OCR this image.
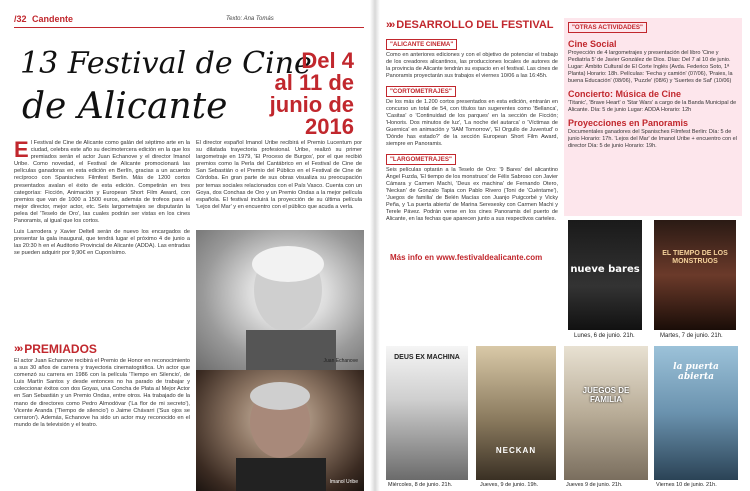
/32 Candente	Texto: Ana Tomás
13 Festival de Cine
de Alicante
Del 4
al 11 de
junio de
2016
E l Festival de Cine de Alicante como galán del séptimo arte en la ciudad, celebra este año su decimotercera edición en la que los premiados serán el actor Juan Echanove y el director Imanol Uribe. Como novedad, el Festival de Alicante promocionará las películas ganadoras en esta edición en Berlín, gracias a un acuerdo recíproco con Spanisches Filmfest Berlin. Más de 1200 cortos presentados avalan el éxito de esta edición. Competirán en tres categorías: Ficción, Animación y European Short Film Award, con premios que van de 1000 a 1500 euros, además de trofeos para el mejor director, mejor actor, etc. Seis largometrajes se disputarán la pelea del 'Teselo de Oro', las cuales podrán ser vistas en los cines Panoramis, al igual que los cortos.

Luis Larrodera y Xavier Deltell serán de nuevo los encargados de presentar la gala inaugural, que tendrá lugar el próximo 4 de junio a las 20:30 h en el Auditorio Provincial de Alicante (ADDA). Las entradas se pueden adquirir por 9,90€ en Cuponísimo.

El director español Imanol Uribe recibirá el Premio Lucentum por su dilatada trayectoria profesional. Uribe, realizó su primer largometraje en 1979, 'El Proceso de Burgos', por el que recibió premios como la Perla del Cantábrico en el Festival de Cine de San Sebastián o el Premio del Público en el Festival de Cine de Córdoba. En gran parte de sus obras visualiza su preocupación por temas sociales relacionados con el País Vasco. Cuenta con un Goya, dos Conchas de Oro y un Premio Ondas a la mejor película española. El festival incluirá la proyección de su última película 'Lejos del Mar' y en encuentro con el público que acuda a verla.

Juan Echanove
Imanol Uribe
»» PREMIADOS

El actor Juan Echanove recibirá el Premio de Honor en reconocimiento a sus 30 años de carrera y trayectoria cinematográfica. Un actor que comenzó su carrera en 1986 con la película 'Tiempo en Silencio', de Luis Martín Santos y desde entonces no ha parado de trabajar y coleccionar éxitos con dos Goyas, una Concha de Plata al Mejor Actor en San Sebastián y un Premio Ondas, entre otros. Ha trabajado de la mano de directores como Pedro Almodóvar ('La flor de mi secreto'), Vicente Aranda ('Tiempo de silencio') o Jaime Chávarri ('Sus ojos se cerraron'). Además, Echanove ha sido un actor muy reconocido en el mundo de la televisión y el teatro.

»» DESARROLLO DEL FESTIVAL
"ALICANTE CINEMA"

Como en anteriores ediciones y con el objetivo de potenciar el trabajo de los creadores alicantinos, las producciones locales de autores de la provincia de Alicante tendrán su espacio en el festival. Las cines de Panoramis proyectarán sus trabajos el viernes 10/06 a las 16:45h.

"CORTOMETRAJES"

De los más de 1.200 cortos presentados en esta edición, entrarán en concurso un total de 54, con títulos tan sugerentes como 'Bellanca', 'Casitas' o 'Continuidad de los parques' en la sección de Ficción; 'Honoris. Dos minutos de luz', 'La noche del autarca' o 'Víctimas de Guernica' en animación y '9AM Tomorrow', 'El Orgullo de Juventud' o 'Dónde has estado?' de la sección European Short Film Award, siempre en Panoramis.

"LARGOMETRAJES"

Seis películas optarán a la Teselo de Oro: '9 Bares' del alicantino Ángel Fuzda, 'El tiempo de los monstruos' de Félix Sabroso con Javier Cámara y Carmen Machi, 'Deus ex machina' de Fernando Otero, 'Neckan' de Gonzalo Tapia con Pablo Rivero (Toni de 'Cuéntame'), 'Juegos de familia' de Belén Macías con Juanjo Puigcorbé y Vicky Peña, y 'La puerta abierta' de Marina Seresesky con Carmen Machi y Terele Pávez. Podrán verse en los cines Panoramis del puerto de Alicante, en las fechas que aparecen junto a sus respectivos carteles.

Más info en www.festivaldealicante.com
"OTRAS ACTIVIDADES"
Cine Social

Proyección de 4 largometrajes y presentación del libro 'Cine y Pediatría 5' de Javier González de Dios. Días: Del 7 al 10 de junio. Lugar: Ámbito Cultural de El Corte Inglés (Avda. Federico Soto, 1ª Planta) Horario: 18h. Películas: 'Fecha y camión' (07/06), 'Praies, la buena Educación' (08/06), 'Puzzle' (08/6) y 'Suertes de Saf' (10/06)

Concierto: Música de Cine

'Titanic', 'Brave Heart' o 'Star Wars' a cargo de la Banda Municipal de Alicante. Día: 5 de junio Lugar: ADDA Horario: 12h

Proyecciones en Panoramis

Documentales ganadores del Spanisches Filmfest Berlin: Día: 5 de junio Horario: 17h. 'Lejos del Mar' de Imanol Uribe + encuentro con el director Día: 5 de junio Horario: 19h.

nueve bares
Lunes, 6 de junio. 21h.
EL TIEMPO DE LOS MONSTRUOS
Martes, 7 de junio. 21h.
DEUS EX MACHINA
Miércoles, 8 de junio. 21h.
NECKAN
Jueves, 9 de junio. 19h.
JUEGOS DE FAMILIA
Jueves 9 de junio. 21h.
la puerta abierta
Viernes 10 de junio. 21h.
